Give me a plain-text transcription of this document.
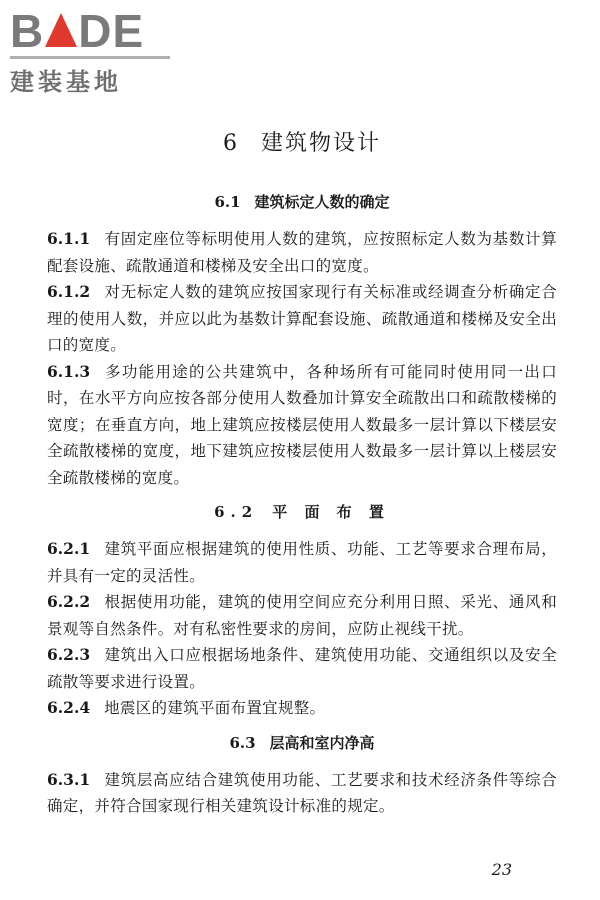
B DE
建装基地
6 建筑物设计
6.1 建筑标定人数的确定

6.1.1 有固定座位等标明使用人数的建筑，应按照标定人数为基数计算配套设施、疏散通道和楼梯及安全出口的宽度。

6.1.2 对无标定人数的建筑应按国家现行有关标准或经调查分析确定合理的使用人数，并应以此为基数计算配套设施、疏散通道和楼梯及安全出口的宽度。

6.1.3 多功能用途的公共建筑中，各种场所有可能同时使用同一出口时，在水平方向应按各部分使用人数叠加计算安全疏散出口和疏散楼梯的宽度；在垂直方向，地上建筑应按楼层使用人数最多一层计算以下楼层安全疏散楼梯的宽度，地下建筑应按楼层使用人数最多一层计算以上楼层安全疏散楼梯的宽度。

6.2 平 面 布 置

6.2.1 建筑平面应根据建筑的使用性质、功能、工艺等要求合理布局，并具有一定的灵活性。

6.2.2 根据使用功能，建筑的使用空间应充分利用日照、采光、通风和景观等自然条件。对有私密性要求的房间，应防止视线干扰。

6.2.3 建筑出入口应根据场地条件、建筑使用功能、交通组织以及安全疏散等要求进行设置。

6.2.4 地震区的建筑平面布置宜规整。

6.3 层高和室内净高

6.3.1 建筑层高应结合建筑使用功能、工艺要求和技术经济条件等综合确定，并符合国家现行相关建筑设计标准的规定。

23
